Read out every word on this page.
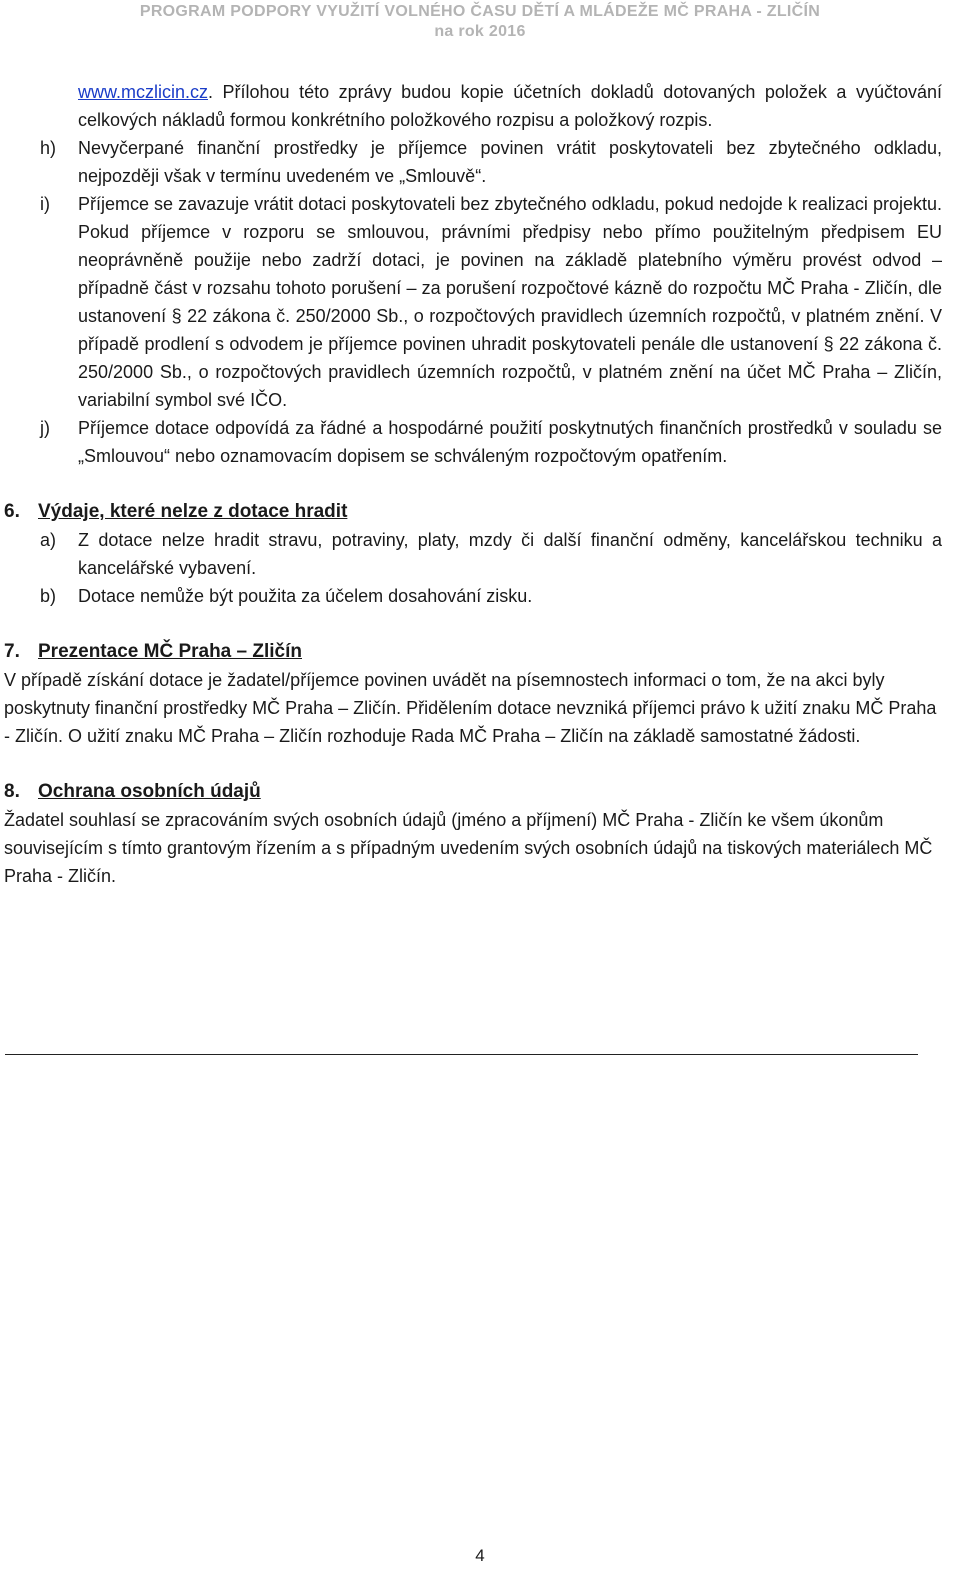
PROGRAM PODPORY VYUŽITÍ VOLNÉHO ČASU DĚTÍ A MLÁDEŽE MČ PRAHA - ZLIČÍN
na rok 2016
www.mczlicin.cz. Přílohou této zprávy budou kopie účetních dokladů dotovaných položek a vyúčtování celkových nákladů formou konkrétního položkového rozpisu a položkový rozpis.
h) Nevyčerpané finanční prostředky je příjemce povinen vrátit poskytovateli bez zbytečného odkladu, nejpozději však v termínu uvedeném ve „Smlouvě“.
i) Příjemce se zavazuje vrátit dotaci poskytovateli bez zbytečného odkladu, pokud nedojde k realizaci projektu. Pokud příjemce v rozporu se smlouvou, právními předpisy nebo přímo použitelným předpisem EU neoprávněně použije nebo zadrží dotaci, je povinen na základě platebního výměru provést odvod – případně část v rozsahu tohoto porušení – za porušení rozpočtové kázně do rozpočtu MČ Praha - Zličín, dle ustanovení § 22 zákona č. 250/2000 Sb., o rozpočtových pravidlech územních rozpočtů, v platném znění. V případě prodlení s odvodem je příjemce povinen uhradit poskytovateli penále dle ustanovení § 22 zákona č. 250/2000 Sb., o rozpočtových pravidlech územních rozpočtů, v platném znění na účet MČ Praha – Zličín, variabilní symbol své IČO.
j) Příjemce dotace odpovídá za řádné a hospodárné použití poskytnutých finančních prostředků v souladu se „Smlouvou“ nebo oznamovacím dopisem se schváleným rozpočtovým opatřením.
6. Výdaje, které nelze z dotace hradit
a) Z dotace nelze hradit stravu, potraviny, platy, mzdy či další finanční odměny, kancelářskou techniku a kancelářské vybavení.
b) Dotace nemůže být použita za účelem dosahování zisku.
7. Prezentace MČ Praha – Zličín
V případě získání dotace je žadatel/příjemce povinen uvádět na písemnostech informaci o tom, že na akci byly poskytnuty finanční prostředky MČ Praha – Zličín. Přidělením dotace nevzniká příjemci právo k užití znaku MČ Praha - Zličín. O užití znaku MČ Praha – Zličín rozhoduje Rada MČ Praha – Zličín na základě samostatné žádosti.
8. Ochrana osobních údajů
Žadatel souhlasí se zpracováním svých osobních údajů (jméno a příjmení) MČ Praha - Zličín ke všem úkonům souvisejícím s tímto grantovým řízením a s případným uvedením svých osobních údajů na tiskových materiálech MČ Praha - Zličín.
4
